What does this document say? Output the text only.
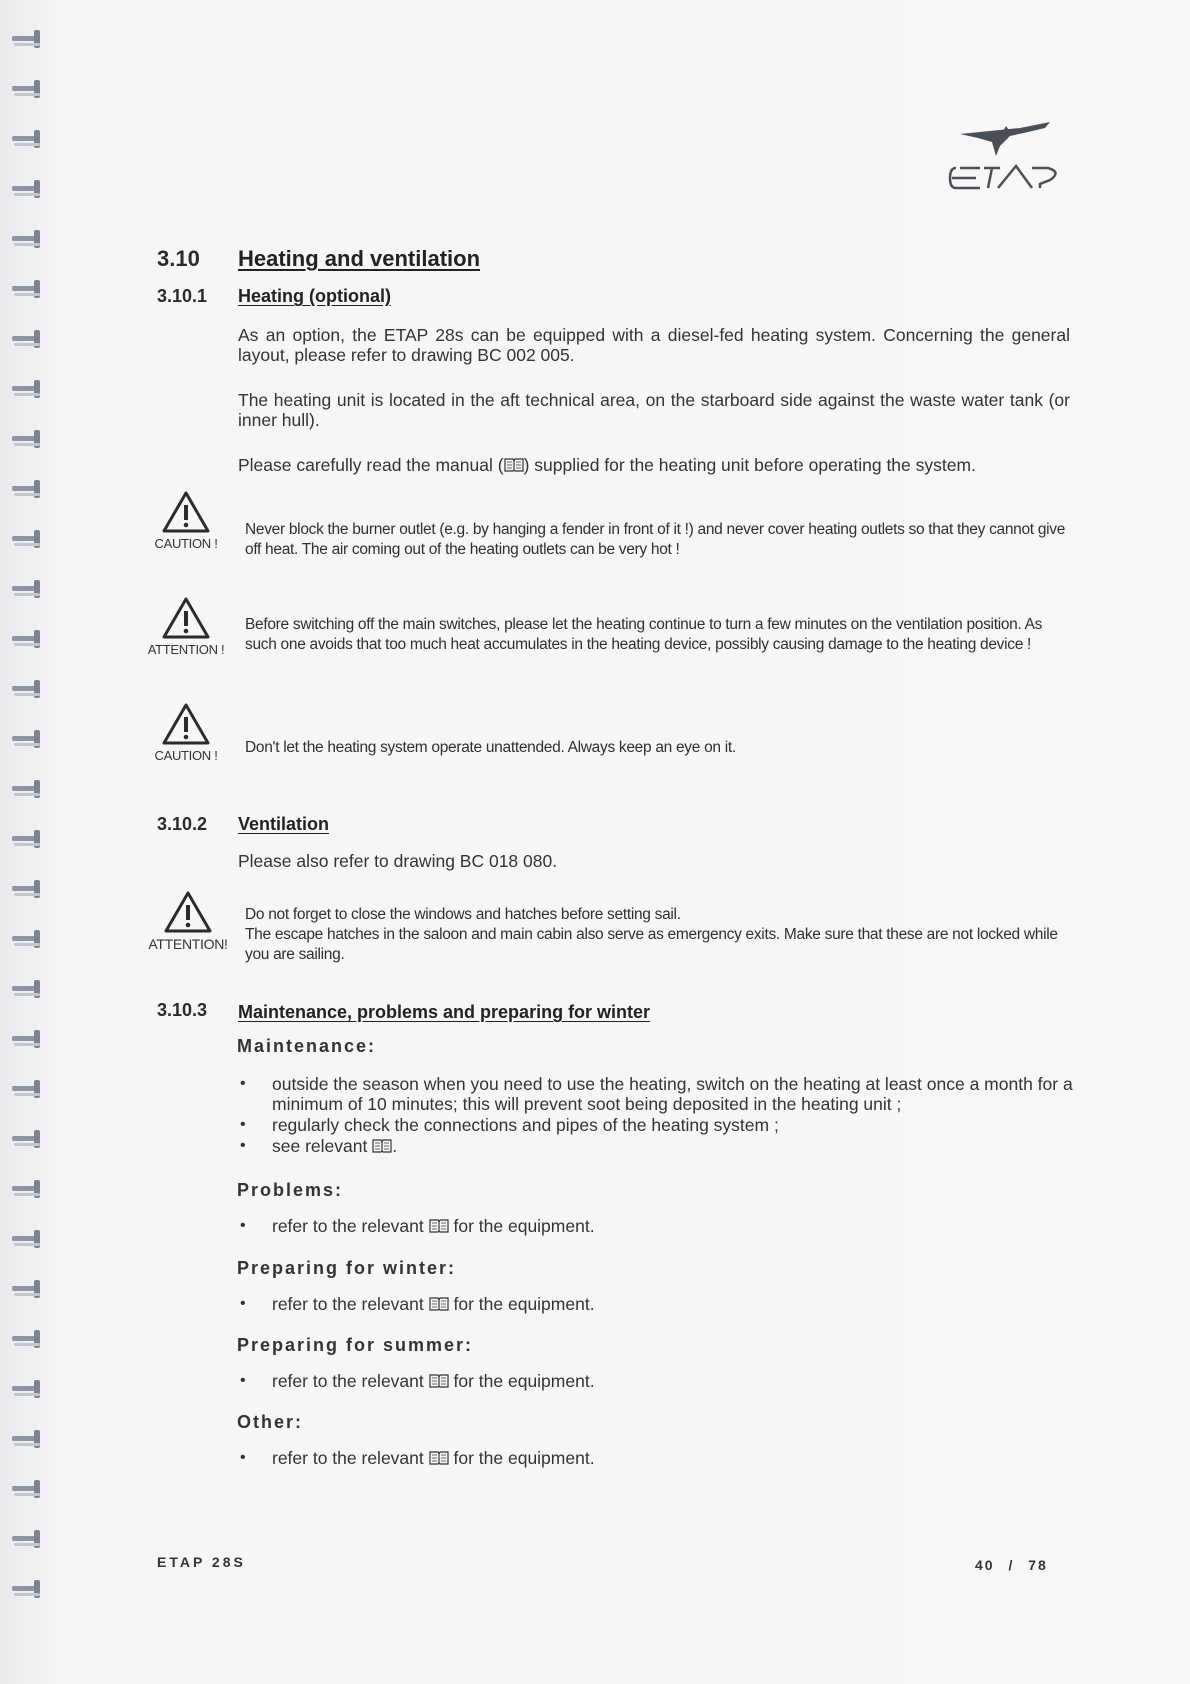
3.10 Heating and ventilation
3.10.1 Heating (optional)
As an option, the ETAP 28s can be equipped with a diesel-fed heating system. Concerning the general layout, please refer to drawing BC 002 005.
The heating unit is located in the aft technical area, on the starboard side against the waste water tank (or inner hull).
Please carefully read the manual ( ) supplied for the heating unit before operating the system.
CAUTION !
Never block the burner outlet (e.g. by hanging a fender in front of it !) and never cover heating outlets so that they cannot give off heat. The air coming out of the heating outlets can be very hot !
ATTENTION !
Before switching off the main switches, please let the heating continue to turn a few minutes on the ventilation position. As such one avoids that too much heat accumulates in the heating device, possibly causing damage to the heating device !
CAUTION !	Don't let the heating system operate unattended. Always keep an eye on it.
3.10.2 Ventilation
Please also refer to drawing BC 018 080.
ATTENTION!
Do not forget to close the windows and hatches before setting sail.
The escape hatches in the saloon and main cabin also serve as emergency exits. Make sure that these are not locked while you are sailing.
3.10.3 Maintenance, problems and preparing for winter
Maintenance:
• outside the season when you need to use the heating, switch on the heating at least once a month for a minimum of 10 minutes; this will prevent soot being deposited in the heating unit ;
• regularly check the connections and pipes of the heating system ;
• see relevant .
Problems:
• refer to the relevant for the equipment.
Preparing for winter:
• refer to the relevant for the equipment.
Preparing for summer:
• refer to the relevant for the equipment.
Other:
• refer to the relevant for the equipment.
ETAP 28S	40 / 78
